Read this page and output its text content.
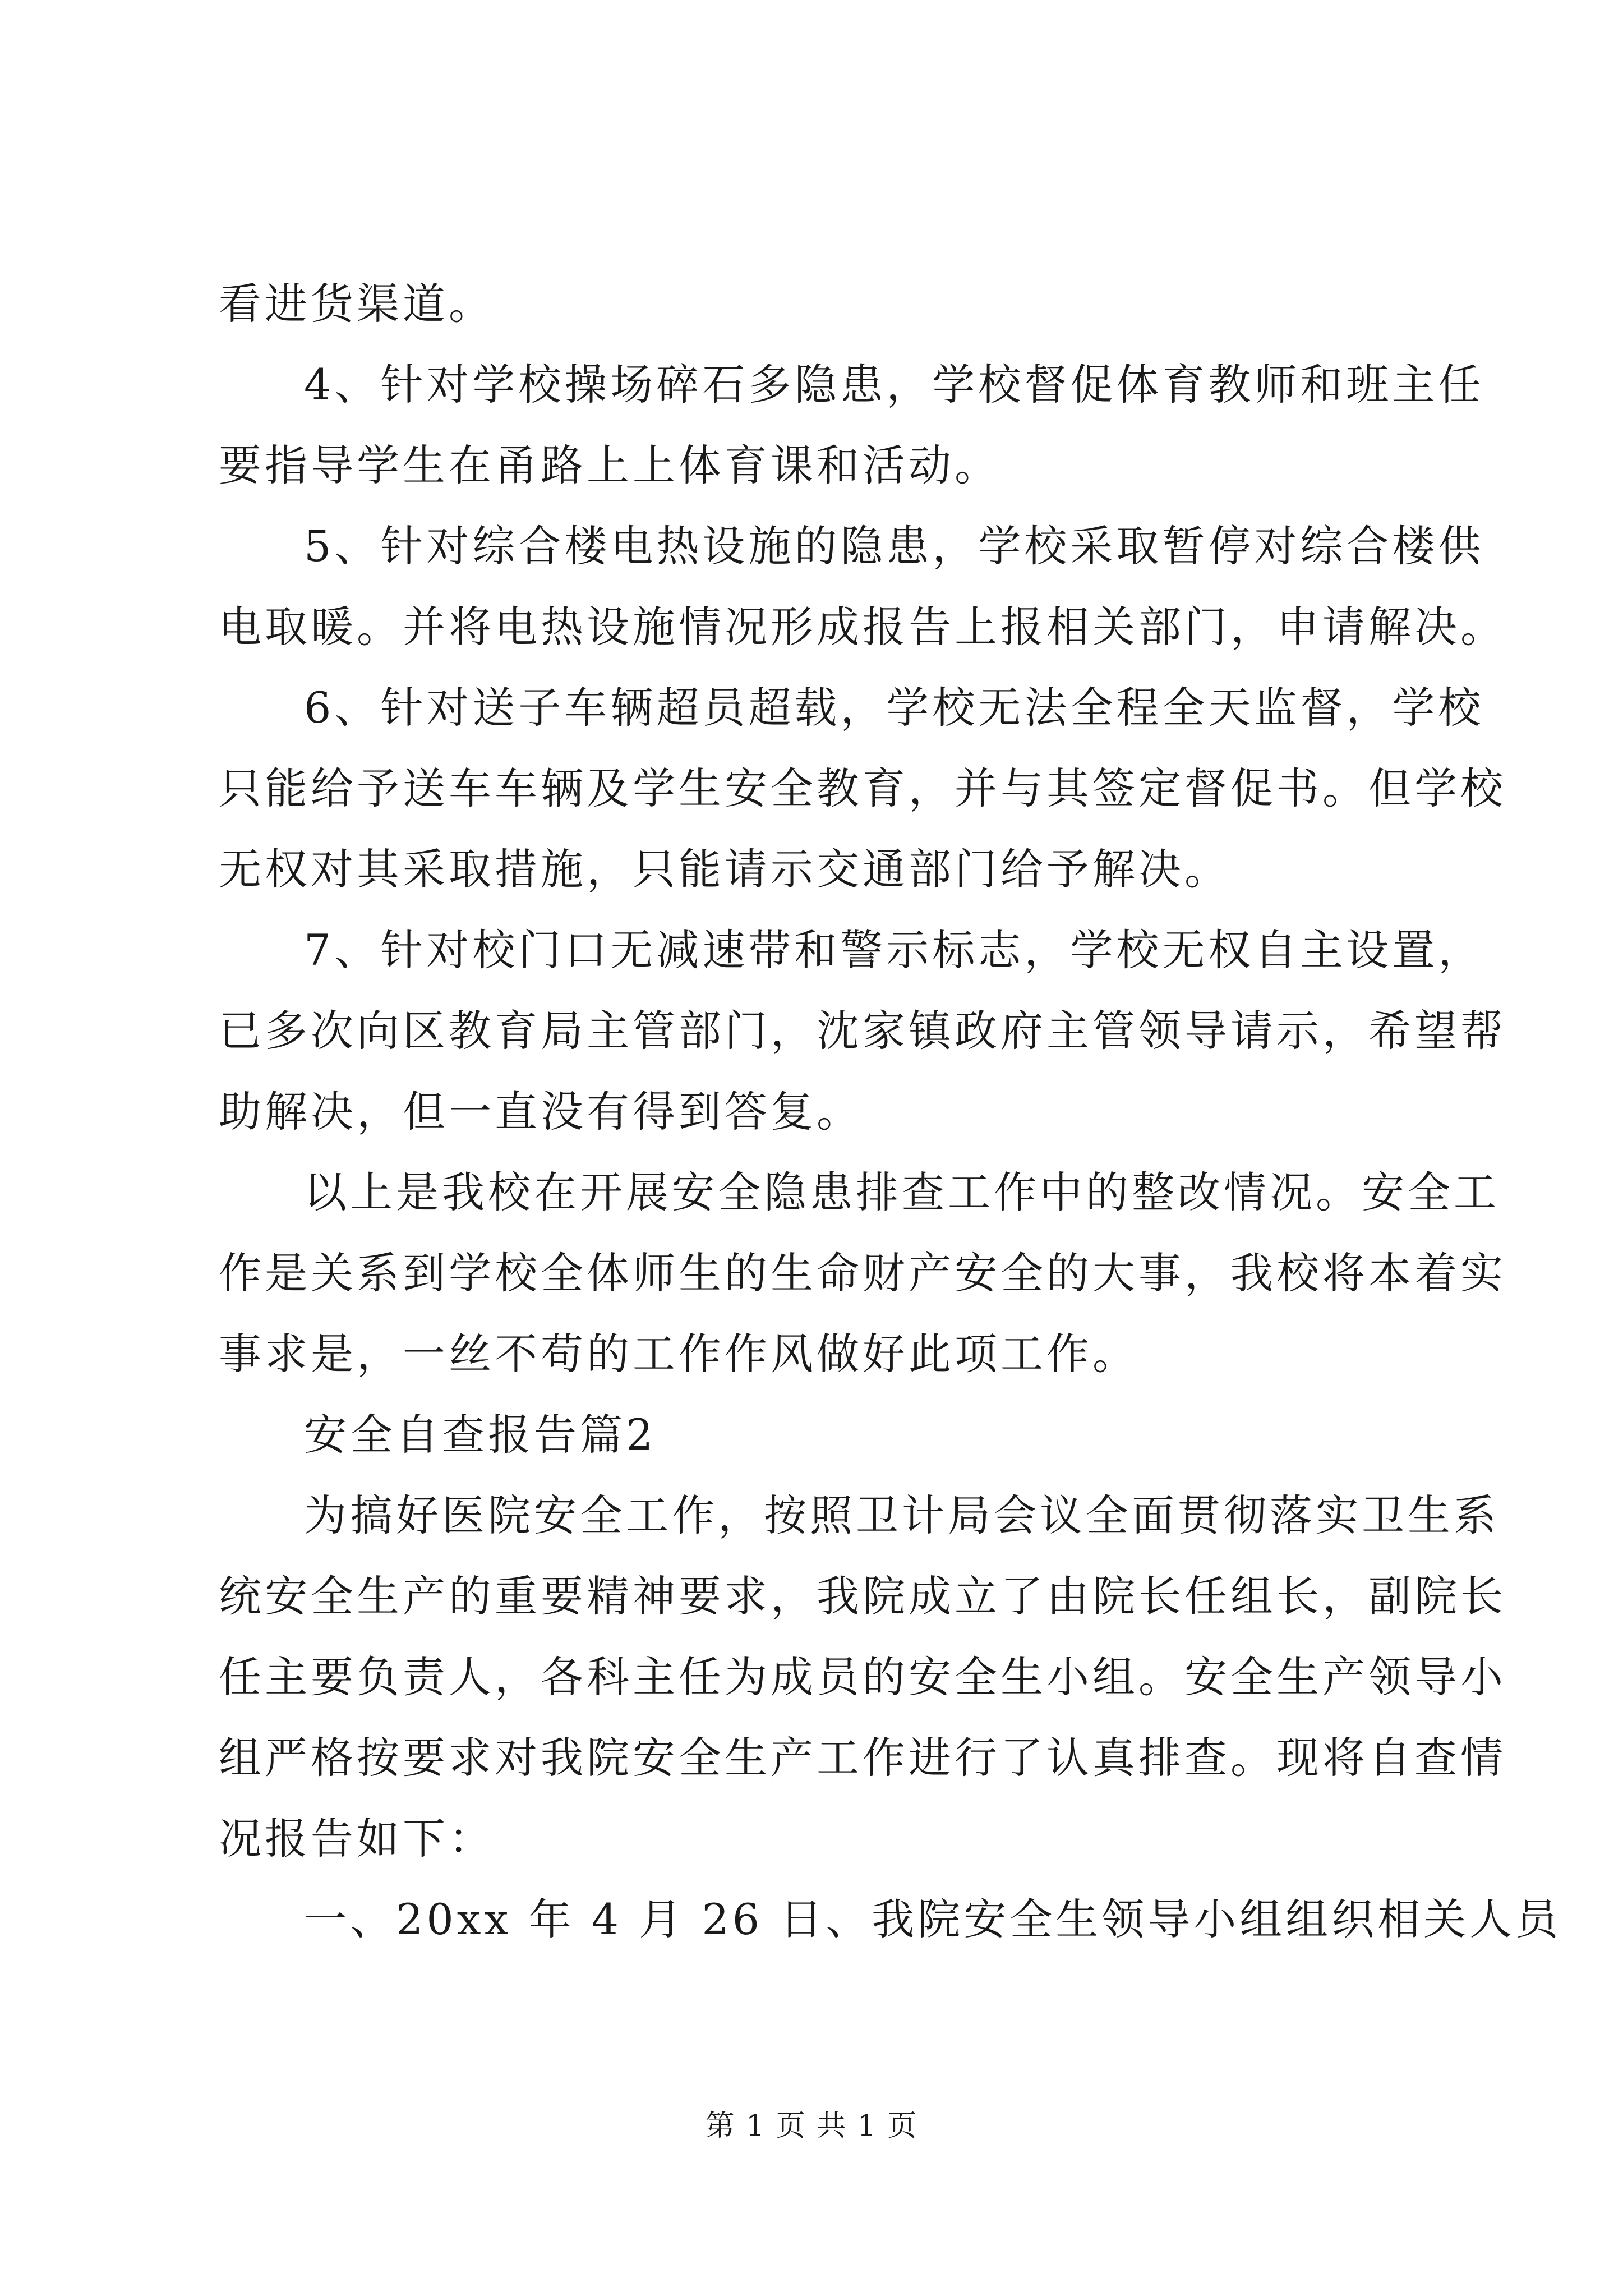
看进货渠道。
4、针对学校操场碎石多隐患，学校督促体育教师和班主任
要指导学生在甬路上上体育课和活动。
5、针对综合楼电热设施的隐患，学校采取暂停对综合楼供
电取暖。并将电热设施情况形成报告上报相关部门，申请解决。
6、针对送子车辆超员超载，学校无法全程全天监督，学校
只能给予送车车辆及学生安全教育，并与其签定督促书。但学校
无权对其采取措施，只能请示交通部门给予解决。
7、针对校门口无减速带和警示标志，学校无权自主设置，
已多次向区教育局主管部门，沈家镇政府主管领导请示，希望帮
助解决，但一直没有得到答复。
以上是我校在开展安全隐患排查工作中的整改情况。安全工
作是关系到学校全体师生的生命财产安全的大事，我校将本着实
事求是，一丝不苟的工作作风做好此项工作。
安全自查报告篇2
为搞好医院安全工作，按照卫计局会议全面贯彻落实卫生系
统安全生产的重要精神要求，我院成立了由院长任组长，副院长
任主要负责人，各科主任为成员的安全生小组。安全生产领导小
组严格按要求对我院安全生产工作进行了认真排查。现将自查情
况报告如下：
一、20xx 年 4 月 26 日、我院安全生领导小组组织相关人员
第 1 页 共 1 页
